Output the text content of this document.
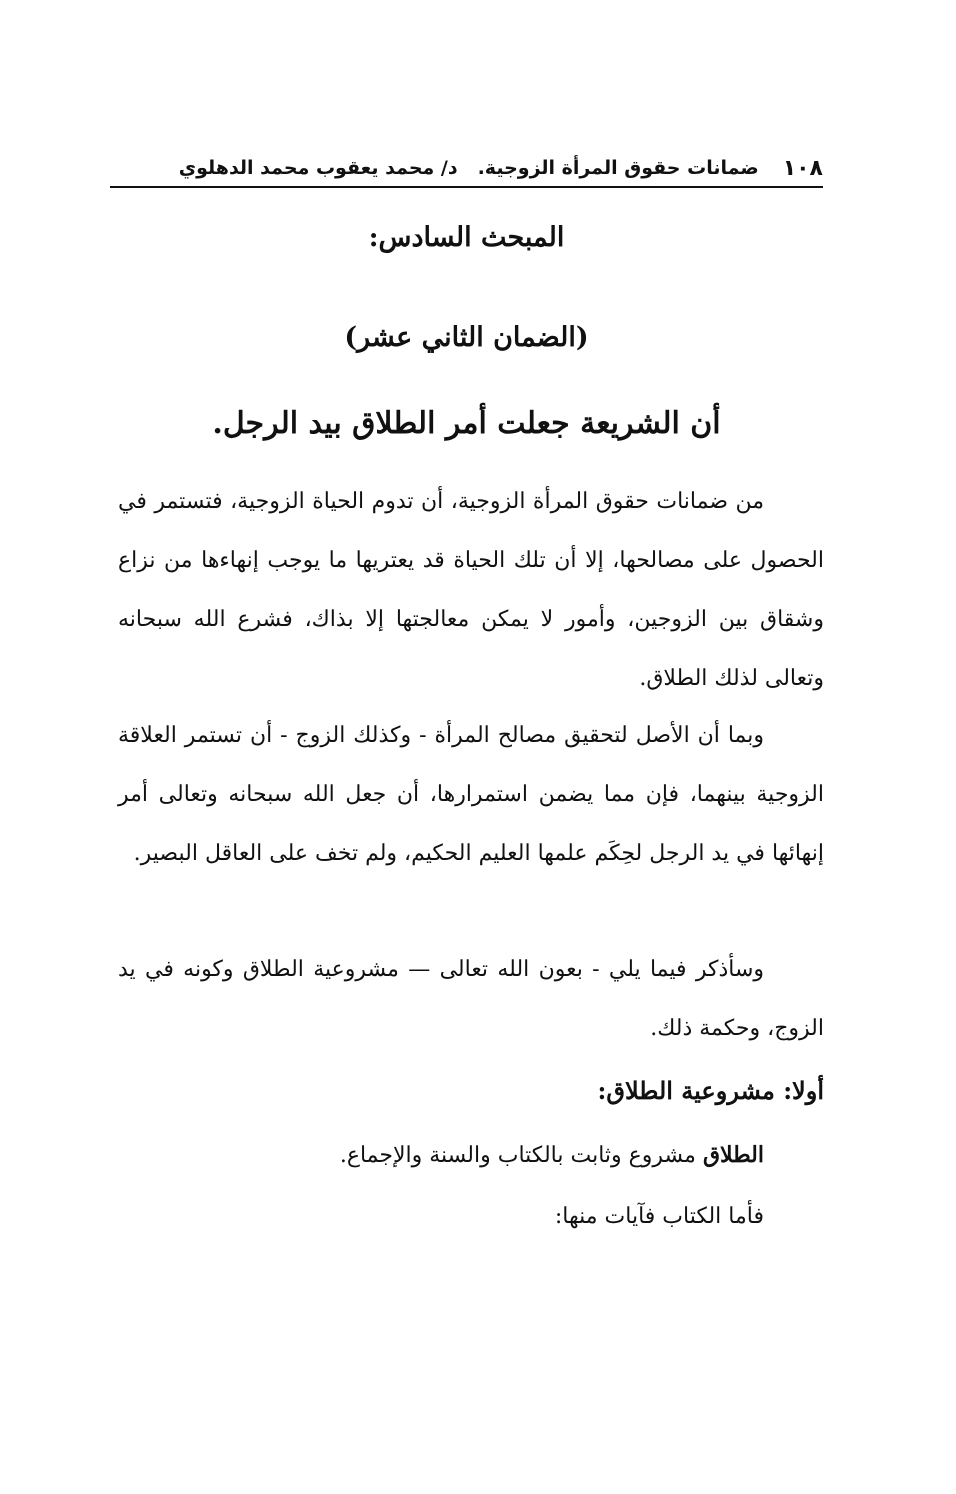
١٠٨
ضمانات حقوق المرأة الزوجية.
د/ محمد يعقوب محمد الدهلوي
المبحث السادس:
(الضمان الثاني عشر)
أن الشريعة جعلت أمر الطلاق بيد الرجل.
من ضمانات حقوق المرأة الزوجية، أن تدوم الحياة الزوجية، فتستمر في الحصول على مصالحها، إلا أن تلك الحياة قد يعتريها ما يوجب إنهاءها من نزاع وشقاق بين الزوجين، وأمور لا يمكن معالجتها إلا بذاك، فشرع الله سبحانه وتعالى لذلك الطلاق.
وبما أن الأصل لتحقيق مصالح المرأة - وكذلك الزوج - أن تستمر العلاقة الزوجية بينهما، فإن مما يضمن استمرارها، أن جعل الله سبحانه وتعالى أمر إنهائها في يد الرجل لحِكَم علمها العليم الحكيم، ولم تخف على العاقل البصير.
وسأذكر فيما يلي - بعون الله تعالى — مشروعية الطلاق وكونه في يد الزوج، وحكمة ذلك.
أولا: مشروعية الطلاق:
الطلاق مشروع وثابت بالكتاب والسنة والإجماع.
فأما الكتاب فآيات منها:
